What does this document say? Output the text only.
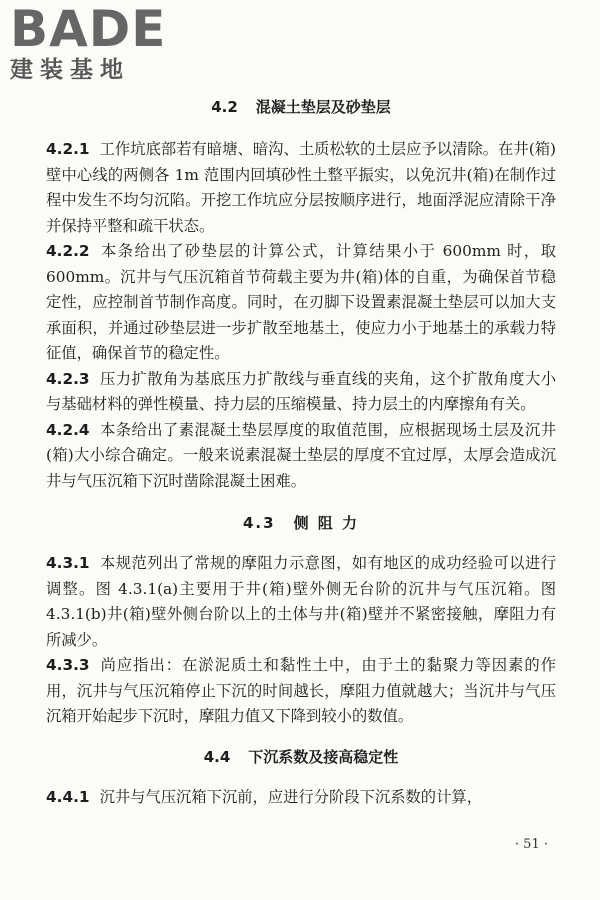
BADE
建装基地
4.2 混凝土垫层及砂垫层

4.2.1 工作坑底部若有暗塘、暗沟、土质松软的土层应予以清除。在井(箱)壁中心线的两侧各 1m 范围内回填砂性土整平振实，以免沉井(箱)在制作过程中发生不均匀沉陷。开挖工作坑应分层按顺序进行，地面浮泥应清除干净并保持平整和疏干状态。

4.2.2 本条给出了砂垫层的计算公式，计算结果小于 600mm 时，取 600mm。沉井与气压沉箱首节荷载主要为井(箱)体的自重，为确保首节稳定性，应控制首节制作高度。同时，在刃脚下设置素混凝土垫层可以加大支承面积，并通过砂垫层进一步扩散至地基土，使应力小于地基土的承载力特征值，确保首节的稳定性。

4.2.3 压力扩散角为基底压力扩散线与垂直线的夹角，这个扩散角度大小与基础材料的弹性模量、持力层的压缩模量、持力层土的内摩擦角有关。

4.2.4 本条给出了素混凝土垫层厚度的取值范围，应根据现场土层及沉井(箱)大小综合确定。一般来说素混凝土垫层的厚度不宜过厚，太厚会造成沉井与气压沉箱下沉时凿除混凝土困难。

4.3 侧 阻 力

4.3.1 本规范列出了常规的摩阻力示意图，如有地区的成功经验可以进行调整。图 4.3.1(a)主要用于井(箱)壁外侧无台阶的沉井与气压沉箱。图 4.3.1(b)井(箱)壁外侧台阶以上的土体与井(箱)壁并不紧密接触，摩阻力有所减少。

4.3.3 尚应指出：在淤泥质土和黏性土中，由于土的黏聚力等因素的作用，沉井与气压沉箱停止下沉的时间越长，摩阻力值就越大；当沉井与气压沉箱开始起步下沉时，摩阻力值又下降到较小的数值。

4.4 下沉系数及接高稳定性

4.4.1 沉井与气压沉箱下沉前，应进行分阶段下沉系数的计算，

· 51 ·
